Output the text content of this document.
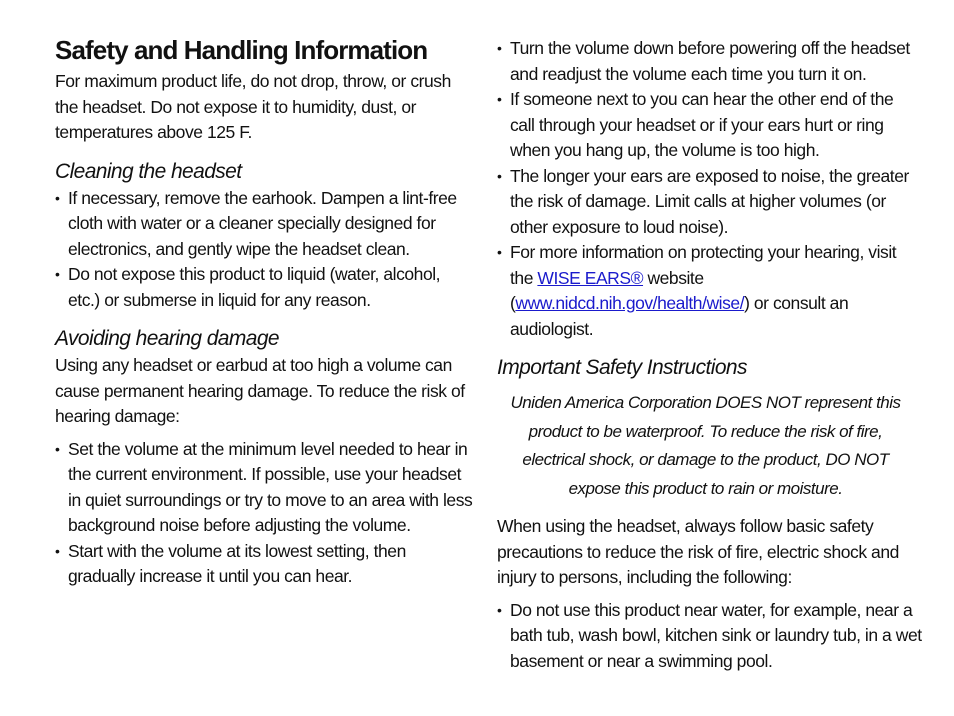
Safety and Handling Information

For maximum product life, do not drop, throw, or crush the headset. Do not expose it to humidity, dust, or temperatures above 125 F.

Cleaning the headset
• If necessary, remove the earhook. Dampen a lint-free cloth with water or a cleaner specially designed for electronics, and gently wipe the headset clean.
• Do not expose this product to liquid (water, alcohol, etc.) or submerse in liquid for any reason.
Avoiding hearing damage

Using any headset or earbud at too high a volume can cause permanent hearing damage. To reduce the risk of hearing damage:

• Set the volume at the minimum level needed to hear in the current environment. If possible, use your headset in quiet surroundings or try to move to an area with less background noise before adjusting the volume.
• Start with the volume at its lowest setting, then gradually increase it until you can hear.
• Turn the volume down before powering off the headset and readjust the volume each time you turn it on.
• If someone next to you can hear the other end of the call through your headset or if your ears hurt or ring when you hang up, the volume is too high.
• The longer your ears are exposed to noise, the greater the risk of damage. Limit calls at higher volumes (or other exposure to loud noise).
• For more information on protecting your hearing, visit the WISE EARS® website (www.nidcd.nih.gov/health/wise/) or consult an audiologist.
Important Safety Instructions

Uniden America Corporation DOES NOT represent this product to be waterproof. To reduce the risk of fire, electrical shock, or damage to the product, DO NOT expose this product to rain or moisture.

When using the headset, always follow basic safety precautions to reduce the risk of fire, electric shock and injury to persons, including the following:

• Do not use this product near water, for example, near a bath tub, wash bowl, kitchen sink or laundry tub, in a wet basement or near a swimming pool.
